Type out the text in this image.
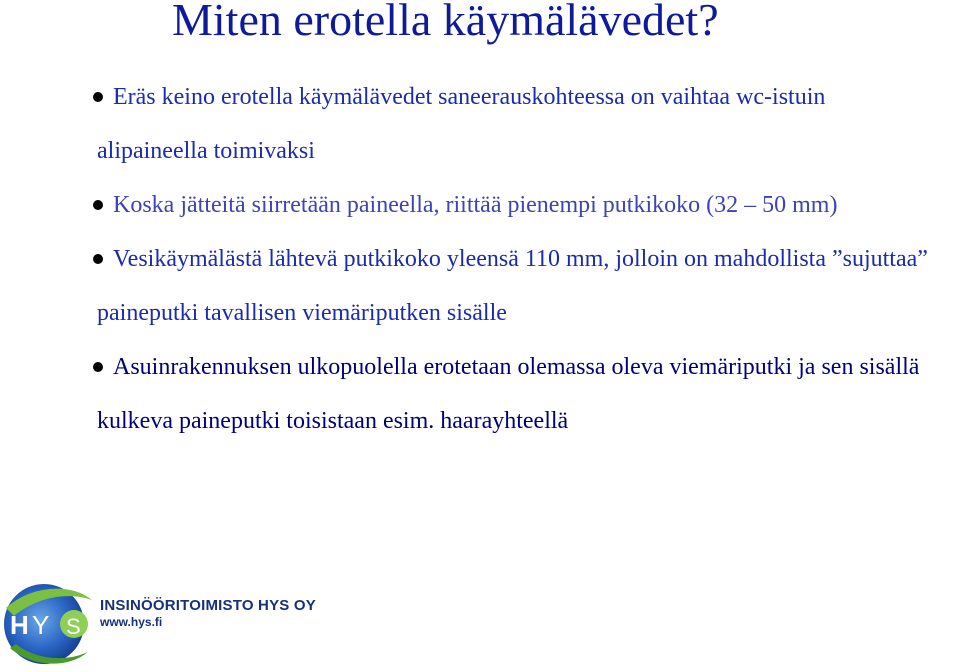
Miten erotella käymälävedet?
Eräs keino erotella käymälävedet saneerauskohteessa on vaihtaa wc-istuin alipaineella toimivaksi
Koska jätteitä siirretään paineella, riittää pienempi putkikoko (32 – 50 mm)
Vesikäymälästä lähtevä putkikoko yleensä 110 mm, jolloin on mahdollista ”sujuttaa” paineputki tavallisen viemäriputken sisälle
Asuinrakennuksen ulkopuolella erotetaan olemassa oleva viemäriputki ja sen sisällä kulkeva paineputki toisistaan esim. haarayhteellä
H Y S
INSINÖÖRITOIMISTO HYS OY
www.hys.fi
